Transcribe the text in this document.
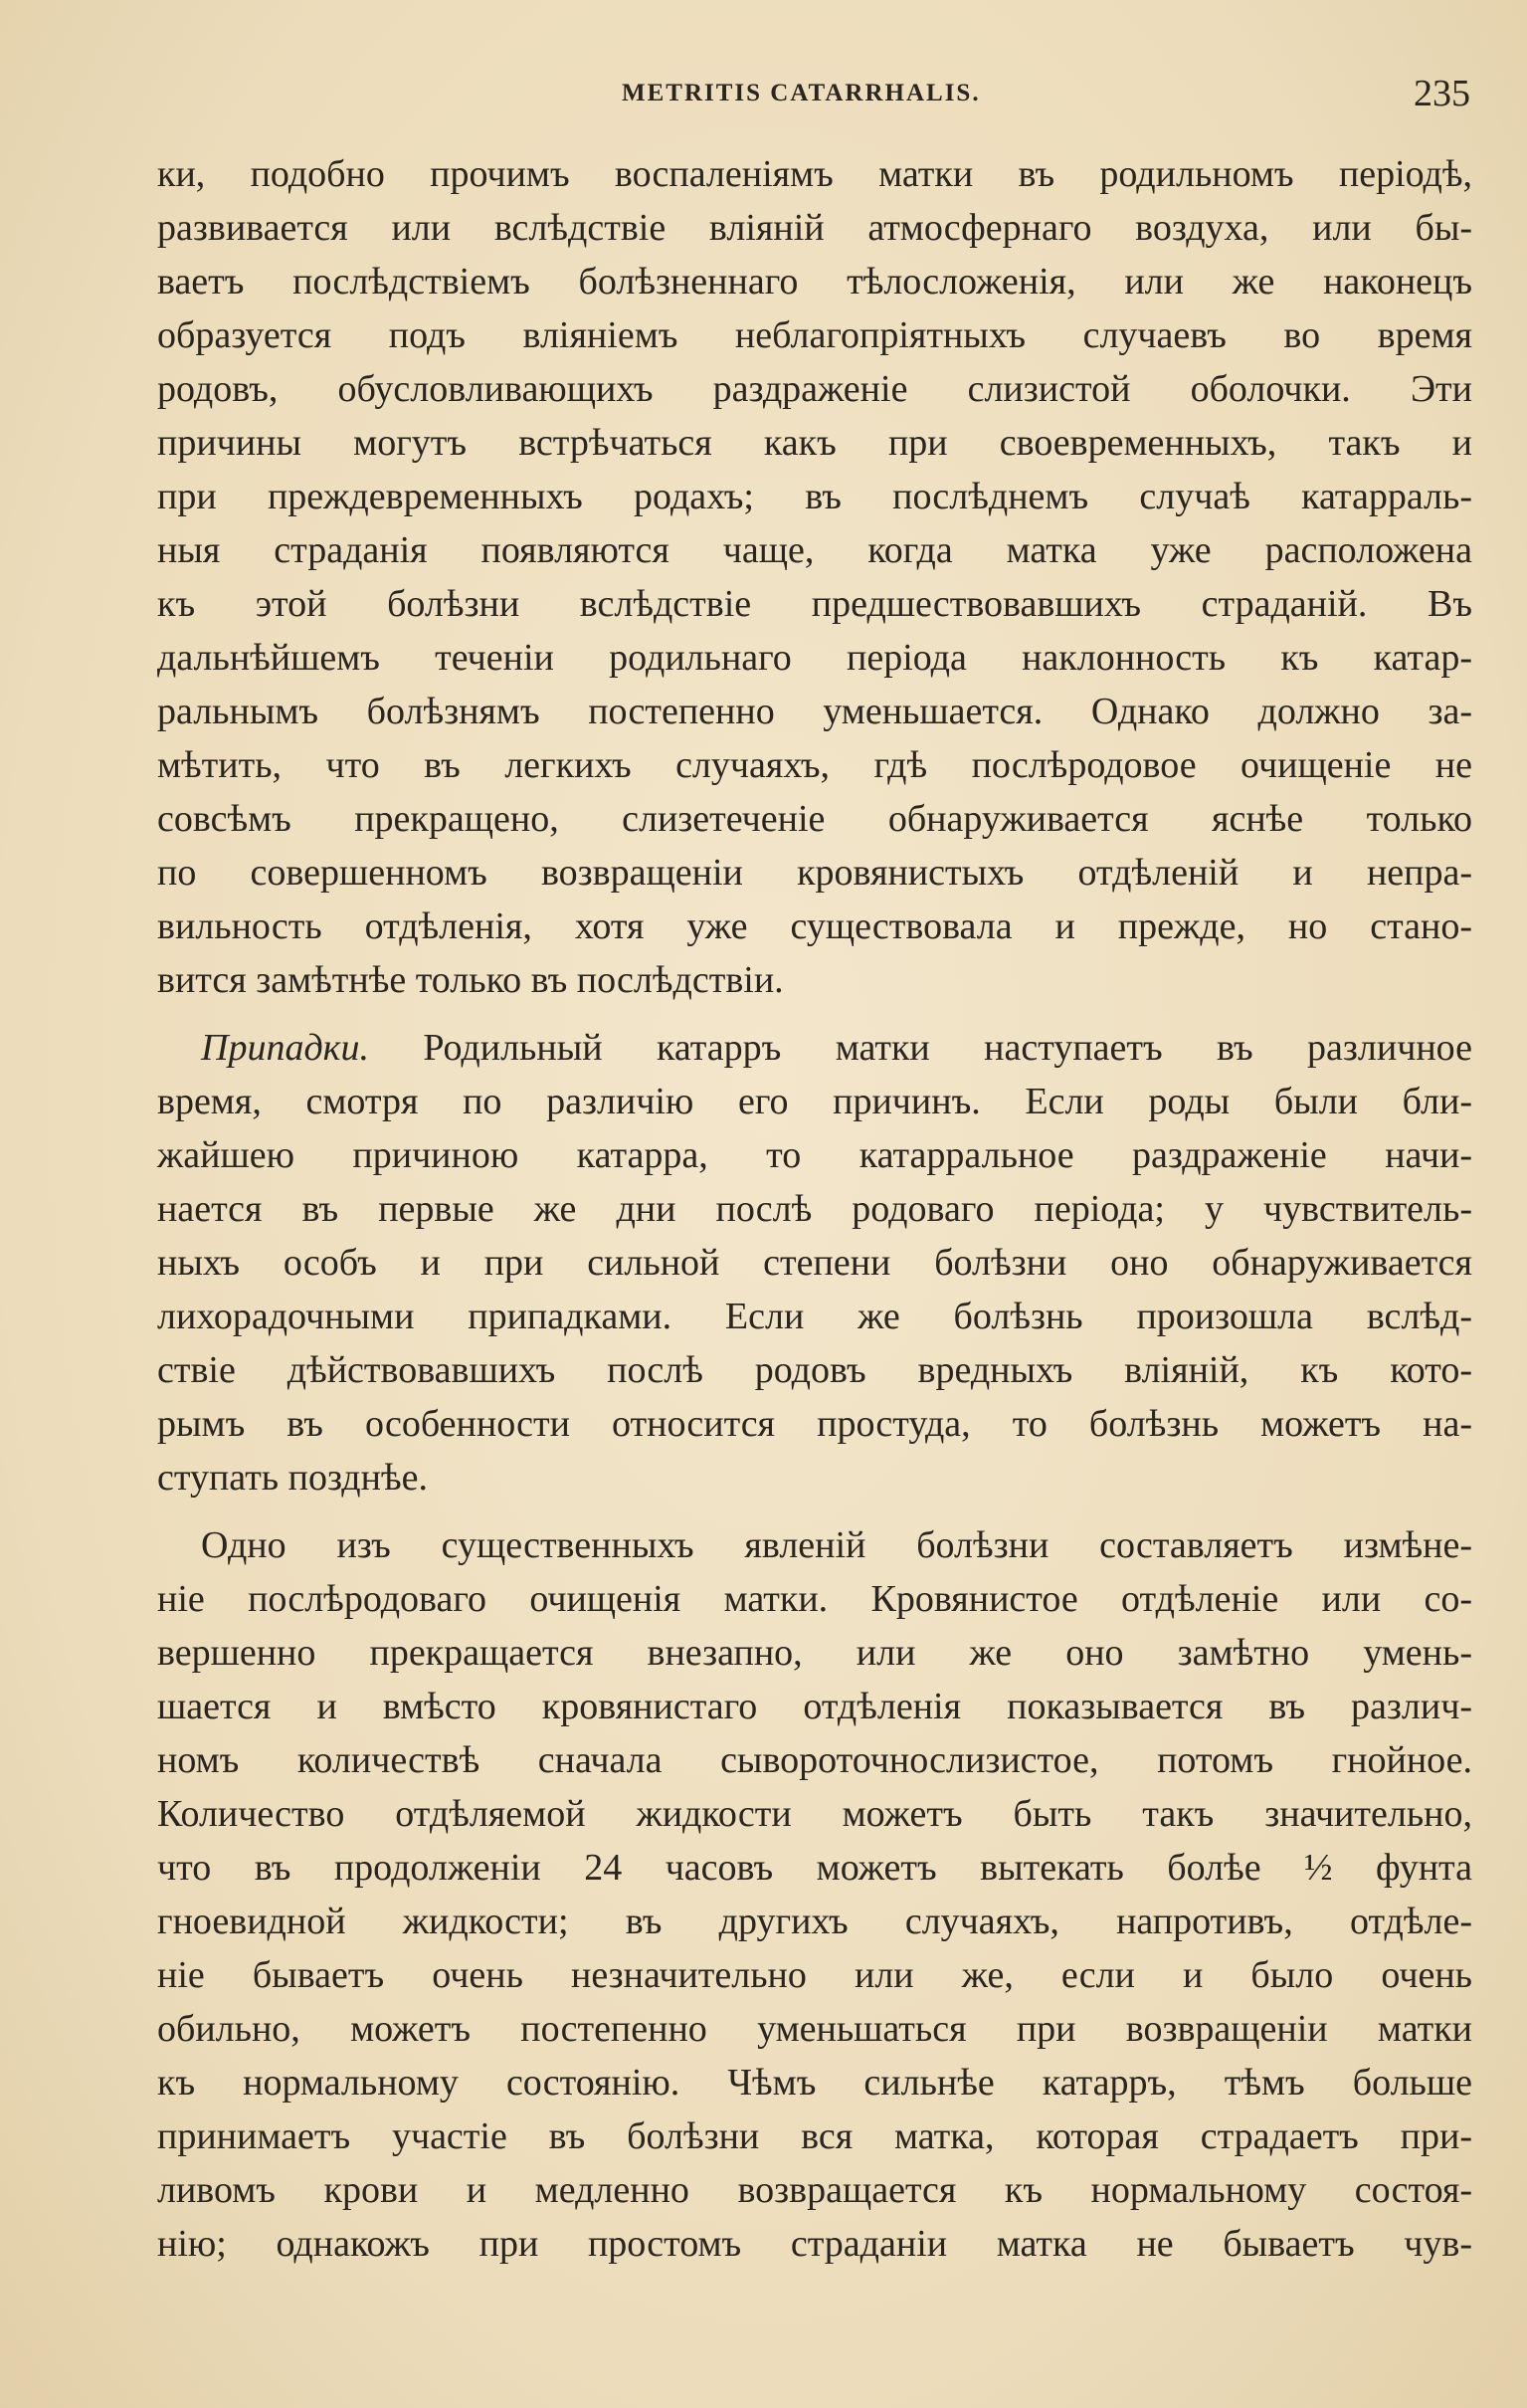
METRITIS CATARRHALIS.	235
ки, подобно прочимъ воспаленіямъ матки въ родильномъ періодѣ,
развивается или вслѣдствіе вліяній атмосфернаго воздуха, или бы-
ваетъ послѣдствіемъ болѣзненнаго тѣлосложенія, или же наконецъ
образуется подъ вліяніемъ неблагопріятныхъ случаевъ во время
родовъ, обусловливающихъ раздраженіе слизистой оболочки. Эти
причины могутъ встрѣчаться какъ при своевременныхъ, такъ и
при преждевременныхъ родахъ; въ послѣднемъ случаѣ катарраль-
ныя страданія появляются чаще, когда матка уже расположена
къ этой болѣзни вслѣдствіе предшествовавшихъ страданій. Въ
дальнѣйшемъ теченіи родильнаго періода наклонность къ катар-
ральнымъ болѣзнямъ постепенно уменьшается. Однако должно за-
мѣтить, что въ легкихъ случаяхъ, гдѣ послѣродовое очищеніе не
совсѣмъ прекращено, слизетеченіе обнаруживается яснѣе только
по совершенномъ возвращеніи кровянистыхъ отдѣленій и непра-
вильность отдѣленія, хотя уже существовала и прежде, но стано-
вится замѣтнѣе только въ послѣдствіи.
Припадки. Родильный катарръ матки наступаетъ въ различное
время, смотря по различію его причинъ. Если роды были бли-
жайшею причиною катарра, то катарральное раздраженіе начи-
нается въ первые же дни послѣ родоваго періода; у чувствитель-
ныхъ особъ и при сильной степени болѣзни оно обнаруживается
лихорадочными припадками. Если же болѣзнь произошла вслѣд-
ствіе дѣйствовавшихъ послѣ родовъ вредныхъ вліяній, къ кото-
рымъ въ особенности относится простуда, то болѣзнь можетъ на-
ступать позднѣе.
Одно изъ существенныхъ явленій болѣзни составляетъ измѣне-
ніе послѣродоваго очищенія матки. Кровянистое отдѣленіе или со-
вершенно прекращается внезапно, или же оно замѣтно умень-
шается и вмѣсто кровянистаго отдѣленія показывается въ различ-
номъ количествѣ сначала сывороточнослизистое, потомъ гнойное.
Количество отдѣляемой жидкости можетъ быть такъ значительно,
что въ продолженіи 24 часовъ можетъ вытекать болѣе ½ фунта
гноевидной жидкости; въ другихъ случаяхъ, напротивъ, отдѣле-
ніе бываетъ очень незначительно или же, если и было очень
обильно, можетъ постепенно уменьшаться при возвращеніи матки
къ нормальному состоянію. Чѣмъ сильнѣе катарръ, тѣмъ больше
принимаетъ участіе въ болѣзни вся матка, которая страдаетъ при-
ливомъ крови и медленно возвращается къ нормальному состоя-
нію; однакожъ при простомъ страданіи матка не бываетъ чув-
